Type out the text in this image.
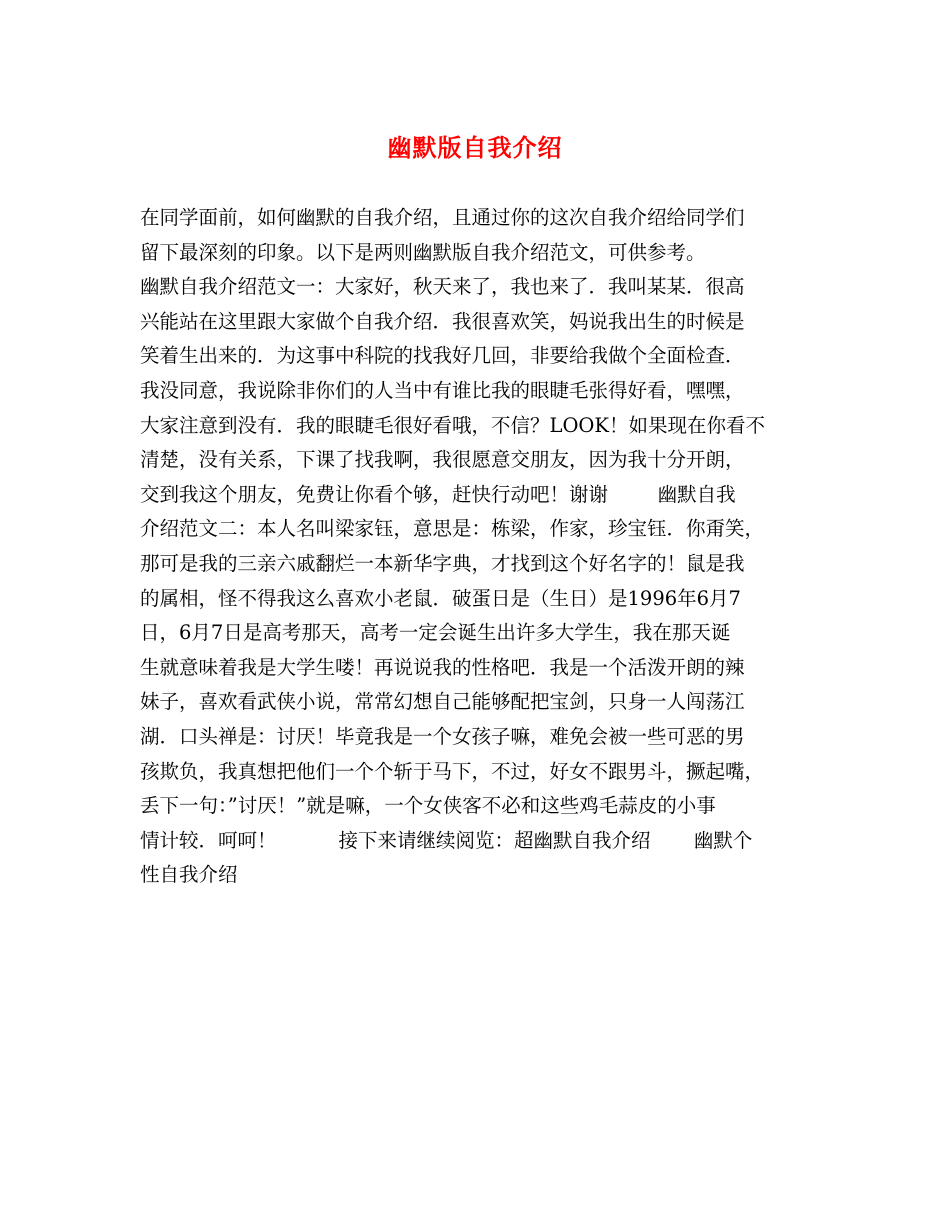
幽默版自我介绍
在同学面前，如何幽默的自我介绍，且通过你的这次自我介绍给同学们
留下最深刻的印象。以下是两则幽默版自我介绍范文，可供参考。
幽默自我介绍范文一：大家好，秋天来了，我也来了．我叫某某．很高
兴能站在这里跟大家做个自我介绍．我很喜欢笑，妈说我出生的时候是
笑着生出来的．为这事中科院的找我好几回，非要给我做个全面检查．
我没同意，我说除非你们的人当中有谁比我的眼睫毛张得好看，嘿嘿，
大家注意到没有．我的眼睫毛很好看哦，不信？LOOK！如果现在你看不
清楚，没有关系，下课了找我啊，我很愿意交朋友，因为我十分开朗，
交到我这个朋友，免费让你看个够，赶快行动吧！谢谢        幽默自我
介绍范文二：本人名叫梁家钰，意思是：栋梁，作家，珍宝钰．你甭笑，
那可是我的三亲六戚翻烂一本新华字典，才找到这个好名字的！鼠是我
的属相，怪不得我这么喜欢小老鼠．破蛋日是（生日）是1996年6月7
日，6月7日是高考那天，高考一定会诞生出许多大学生，我在那天诞
生就意味着我是大学生喽！再说说我的性格吧．我是一个活泼开朗的辣
妹子，喜欢看武侠小说，常常幻想自己能够配把宝剑，只身一人闯荡江
湖．口头禅是：讨厌！毕竟我是一个女孩子嘛，难免会被一些可恶的男
孩欺负，我真想把他们一个个斩于马下，不过，好女不跟男斗，撅起嘴，
丢下一句：”讨厌！”就是嘛，一个女侠客不必和这些鸡毛蒜皮的小事
情计较．呵呵！          接下来请继续阅览：超幽默自我介绍       幽默个
性自我介绍
